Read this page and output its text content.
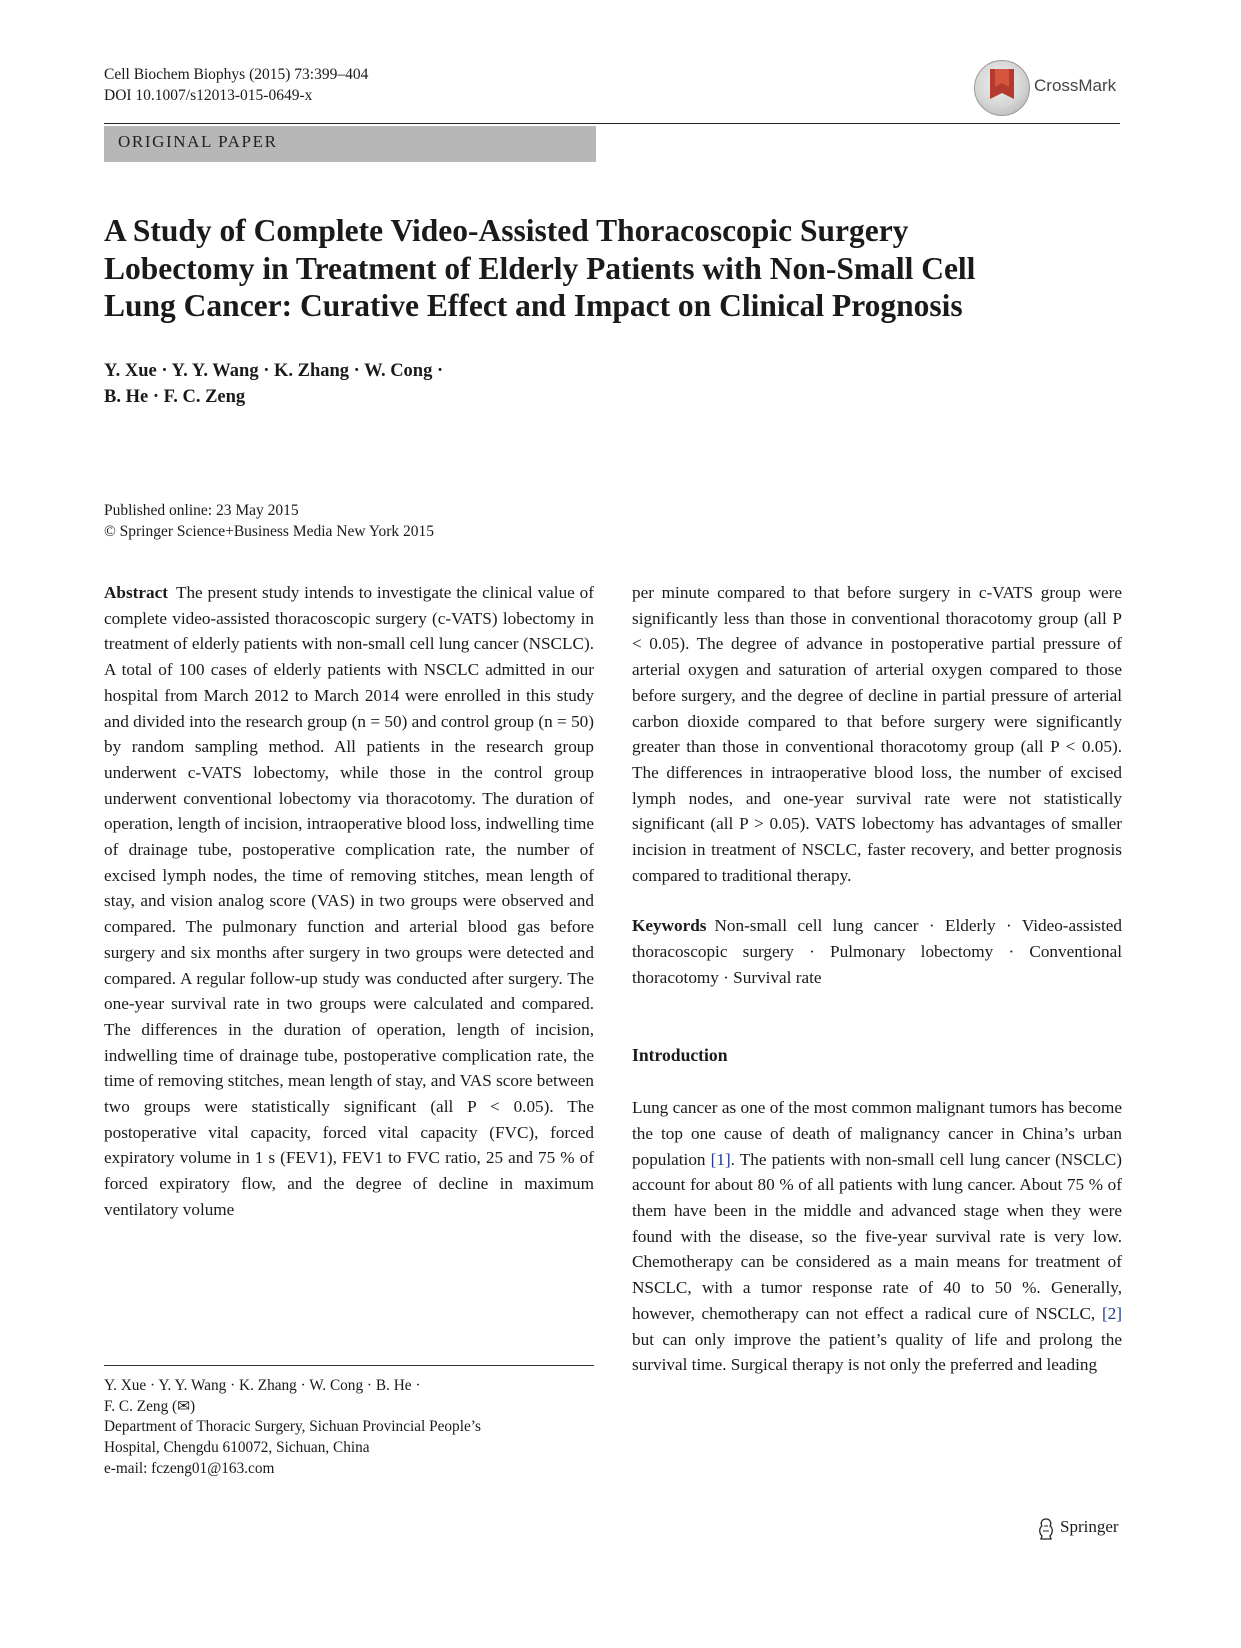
Cell Biochem Biophys (2015) 73:399–404
DOI 10.1007/s12013-015-0649-x
CrossMark
ORIGINAL PAPER
A Study of Complete Video-Assisted Thoracoscopic Surgery
Lobectomy in Treatment of Elderly Patients with Non-Small Cell
Lung Cancer: Curative Effect and Impact on Clinical Prognosis
Y. Xue · Y. Y. Wang · K. Zhang · W. Cong ·
B. He · F. C. Zeng
Published online: 23 May 2015
© Springer Science+Business Media New York 2015

Abstract The present study intends to investigate the clinical value of complete video-assisted thoracoscopic surgery (c-VATS) lobectomy in treatment of elderly patients with non-small cell lung cancer (NSCLC). A total of 100 cases of elderly patients with NSCLC admitted in our hospital from March 2012 to March 2014 were enrolled in this study and divided into the research group (n = 50) and control group (n = 50) by random sampling method. All patients in the research group underwent c-VATS lobectomy, while those in the control group underwent conventional lobectomy via thoracotomy. The duration of operation, length of incision, intraoperative blood loss, indwelling time of drainage tube, postoperative complication rate, the number of excised lymph nodes, the time of removing stitches, mean length of stay, and vision analog score (VAS) in two groups were observed and compared. The pulmonary function and arterial blood gas before surgery and six months after surgery in two groups were detected and compared. A regular follow-up study was conducted after surgery. The one-year survival rate in two groups were calculated and compared. The differences in the duration of operation, length of incision, indwelling time of drainage tube, postoperative complication rate, the time of removing stitches, mean length of stay, and VAS score between two groups were statistically significant (all P < 0.05). The postoperative vital capacity, forced vital capacity (FVC), forced expiratory volume in 1 s (FEV1), FEV1 to FVC ratio, 25 and 75 % of forced expiratory flow, and the degree of decline in maximum ventilatory volume

per minute compared to that before surgery in c-VATS group were significantly less than those in conventional thoracotomy group (all P < 0.05). The degree of advance in postoperative partial pressure of arterial oxygen and saturation of arterial oxygen compared to those before surgery, and the degree of decline in partial pressure of arterial carbon dioxide compared to that before surgery were significantly greater than those in conventional thoracotomy group (all P < 0.05). The differences in intraoperative blood loss, the number of excised lymph nodes, and one-year survival rate were not statistically significant (all P > 0.05). VATS lobectomy has advantages of smaller incision in treatment of NSCLC, faster recovery, and better prognosis compared to traditional therapy.

Keywords Non-small cell lung cancer · Elderly · Video-assisted thoracoscopic surgery · Pulmonary lobectomy · Conventional thoracotomy · Survival rate

Introduction

Lung cancer as one of the most common malignant tumors has become the top one cause of death of malignancy cancer in China’s urban population [1]. The patients with non-small cell lung cancer (NSCLC) account for about 80 % of all patients with lung cancer. About 75 % of them have been in the middle and advanced stage when they were found with the disease, so the five-year survival rate is very low. Chemotherapy can be considered as a main means for treatment of NSCLC, with a tumor response rate of 40 to 50 %. Generally, however, chemotherapy can not effect a radical cure of NSCLC, [2] but can only improve the patient’s quality of life and prolong the survival time. Surgical therapy is not only the preferred and leading

Y. Xue · Y. Y. Wang · K. Zhang · W. Cong · B. He ·
F. C. Zeng (✉)
Department of Thoracic Surgery, Sichuan Provincial People’s
Hospital, Chengdu 610072, Sichuan, China
e-mail: fczeng01@163.com
Springer
